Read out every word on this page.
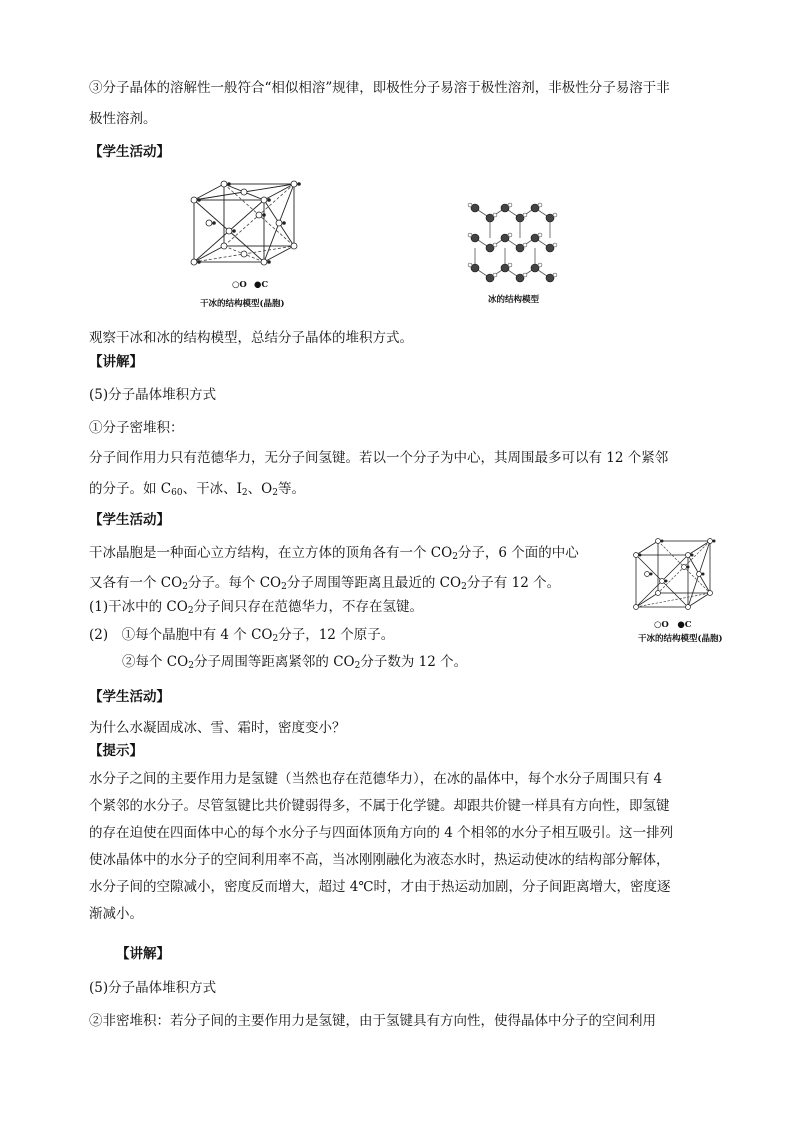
③分子晶体的溶解性一般符合“相似相溶”规律，即极性分子易溶于极性溶剂，非极性分子易溶于非
极性溶剂。
【学生活动】
○O ●C
干冰的结构模型(晶胞)	冰的结构模型
观察干冰和冰的结构模型，总结分子晶体的堆积方式。
【讲解】
(5)分子晶体堆积方式
①分子密堆积：
分子间作用力只有范德华力，无分子间氢键。若以一个分子为中心，其周围最多可以有 12 个紧邻
的分子。如 $C_{60}$、干冰、$I_2$、$O_2$等。
【学生活动】
干冰晶胞是一种面心立方结构，在立方体的顶角各有一个 $CO_2$分子，6 个面的中心
又各有一个 $CO_2$分子。每个 $CO_2$分子周围等距离且最近的 $CO_2$分子有 12 个。
(1)干冰中的 $CO_2$分子间只存在范德华力，不存在氢键。
(2)　①每个晶胞中有 4 个 $CO_2$分子，12 个原子。
②每个 $CO_2$分子周围等距离紧邻的 $CO_2$分子数为 12 个。
○O　●C
干冰的结构模型(晶胞)
【学生活动】
为什么水凝固成冰、雪、霜时，密度变小？
【提示】
水分子之间的主要作用力是氢键（当然也存在范德华力），在冰的晶体中，每个水分子周围只有 4
个紧邻的水分子。尽管氢键比共价键弱得多，不属于化学键。却跟共价键一样具有方向性，即氢键
的存在迫使在四面体中心的每个水分子与四面体顶角方向的 4 个相邻的水分子相互吸引。这一排列
使冰晶体中的水分子的空间利用率不高，当冰刚刚融化为液态水时，热运动使冰的结构部分解体，
水分子间的空隙减小，密度反而增大，超过 4℃时，才由于热运动加剧，分子间距离增大，密度逐
渐减小。
【讲解】
(5)分子晶体堆积方式
②非密堆积：若分子间的主要作用力是氢键，由于氢键具有方向性，使得晶体中分子的空间利用
